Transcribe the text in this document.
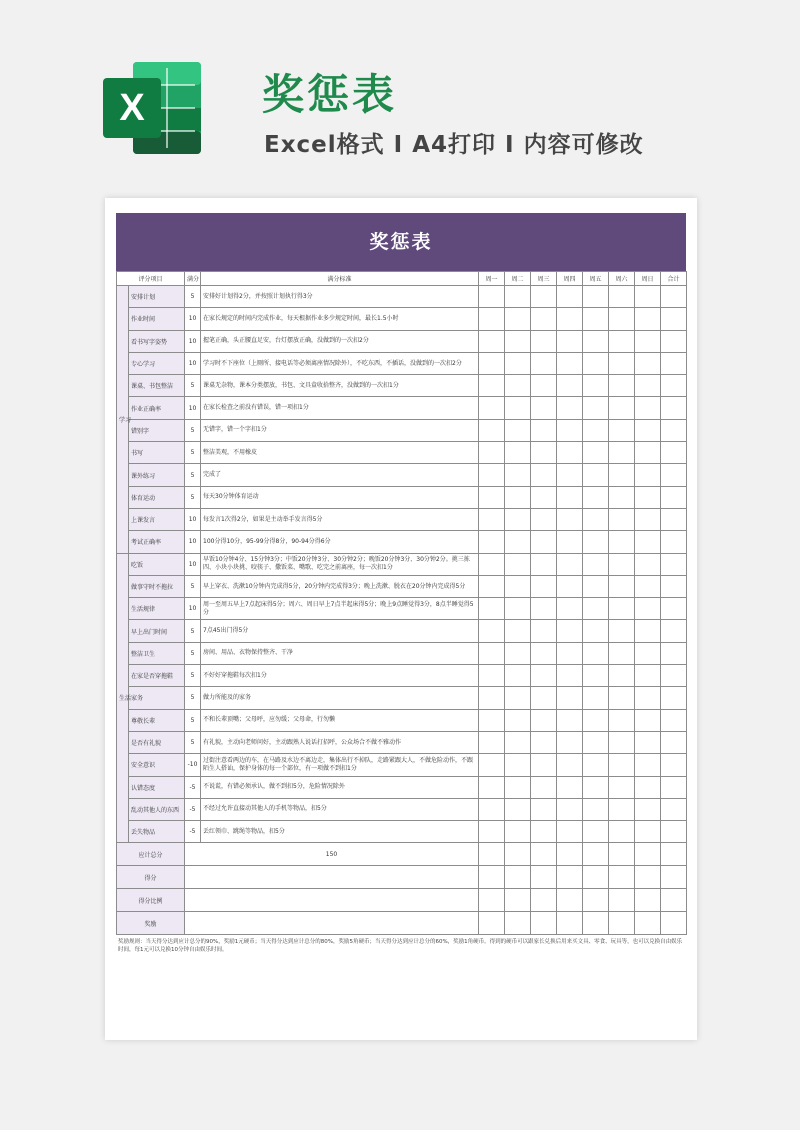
X	奖惩表
Excel格式 I A4打印 I 内容可修改
奖惩表
评分项目		满分	满分标准	周一	周二	周三	周四	周五	周六	周日	合计
学习	安排计划	5	安排好计划得2分，并按照计划执行得3分								
	作业时间	10	在家长规定的时间内完成作业，每天根据作业多少规定时间，最长1.5小时								
	看书写字姿势	10	握笔正确，头正腰直足安，台灯摆放正确，没做到的一次扣2分								
	专心学习	10	学习时不下座位（上厕所、接电话等必须离座情况除外），不吃东西，不插话，没做到的一次扣2分								
	课桌、书包整洁	5	课桌无杂物，课本分类摆放，书包、文具盒收拾整齐，没做到的一次扣1分								
	作业正确率	10	在家长检查之前没有错误，错一项扣1分								
	错别字	5	无错字，错一个字扣1分								
	书写	5	整洁美观，不用橡皮								
	课外练习	5	完成了								
	体育运动	5	每天30分钟体育运动								
	上课发言	10	每发言1次得2分，如果是主动举手发言得5分								
	考试正确率	10	100分得10分，95-99分得8分，90-94分得6分								
生活	吃饭	10	早饭10分钟4分、15分钟3分；中饭20分钟3分、30分钟2分；晚饭20分钟3分、30分钟2分。挑三拣四、小块小块挑、咬筷子、撒饭菜、嘴歌、吃完之前离座，每一次扣1分								
	做事守时不拖拉	5	早上穿衣、洗漱10分钟内完成得5分，20分钟内完成得3分；晚上洗漱、脱衣在20分钟内完成得5分								
	生活规律	10	周一至周五早上7点起床得5分；周六、周日早上7点半起床得5分；晚上9点睡觉得3分，8点半睡觉得5分								
	早上出门时间	5	7点45出门得5分								
	整洁卫生	5	房间、用品、衣物保持整齐、干净								
	在家是否穿拖鞋	5	不好好穿拖鞋每次扣1分								
	家务	5	做力所能及的家务								
	尊敬长辈	5	不和长辈顶嘴；父母呼，应勿缓；父母命，行勿懒								
	是否有礼貌	5	有礼貌，主动向老师问好，主动跟熟人说话打招呼，公众场合不做不雅动作								
	安全意识	-10	过街注意看两边的车，在马路及水边不离边走，集体出行不掉队，走路紧跟大人，不做危险动作，不跟陌生人搭讪，保护身体的每一个部位，有一项做不到扣1分								
	认错态度	-5	不说谎，有错必须承认，做不到扣5分，危险情况除外								
	乱动其他人的东西	-5	不经过允许直接动其他人的手机等物品，扣5分								
	丢失物品	-5	丢红领巾、跳绳等物品，扣5分								
应计总分		150									
得分											
得分比例											
奖励											
奖励规则：当天得分达到应计总分的90%，奖励1元硬币；当天得分达到应计总分的80%，奖励5角硬币；当天得分达到应计总分的60%，奖励1角硬币。得到的硬币可以跟家长兑换后用来买文具、零食、玩具等，也可以兑换自由娱乐时间，每1元可以兑换10分钟自由娱乐时间。
